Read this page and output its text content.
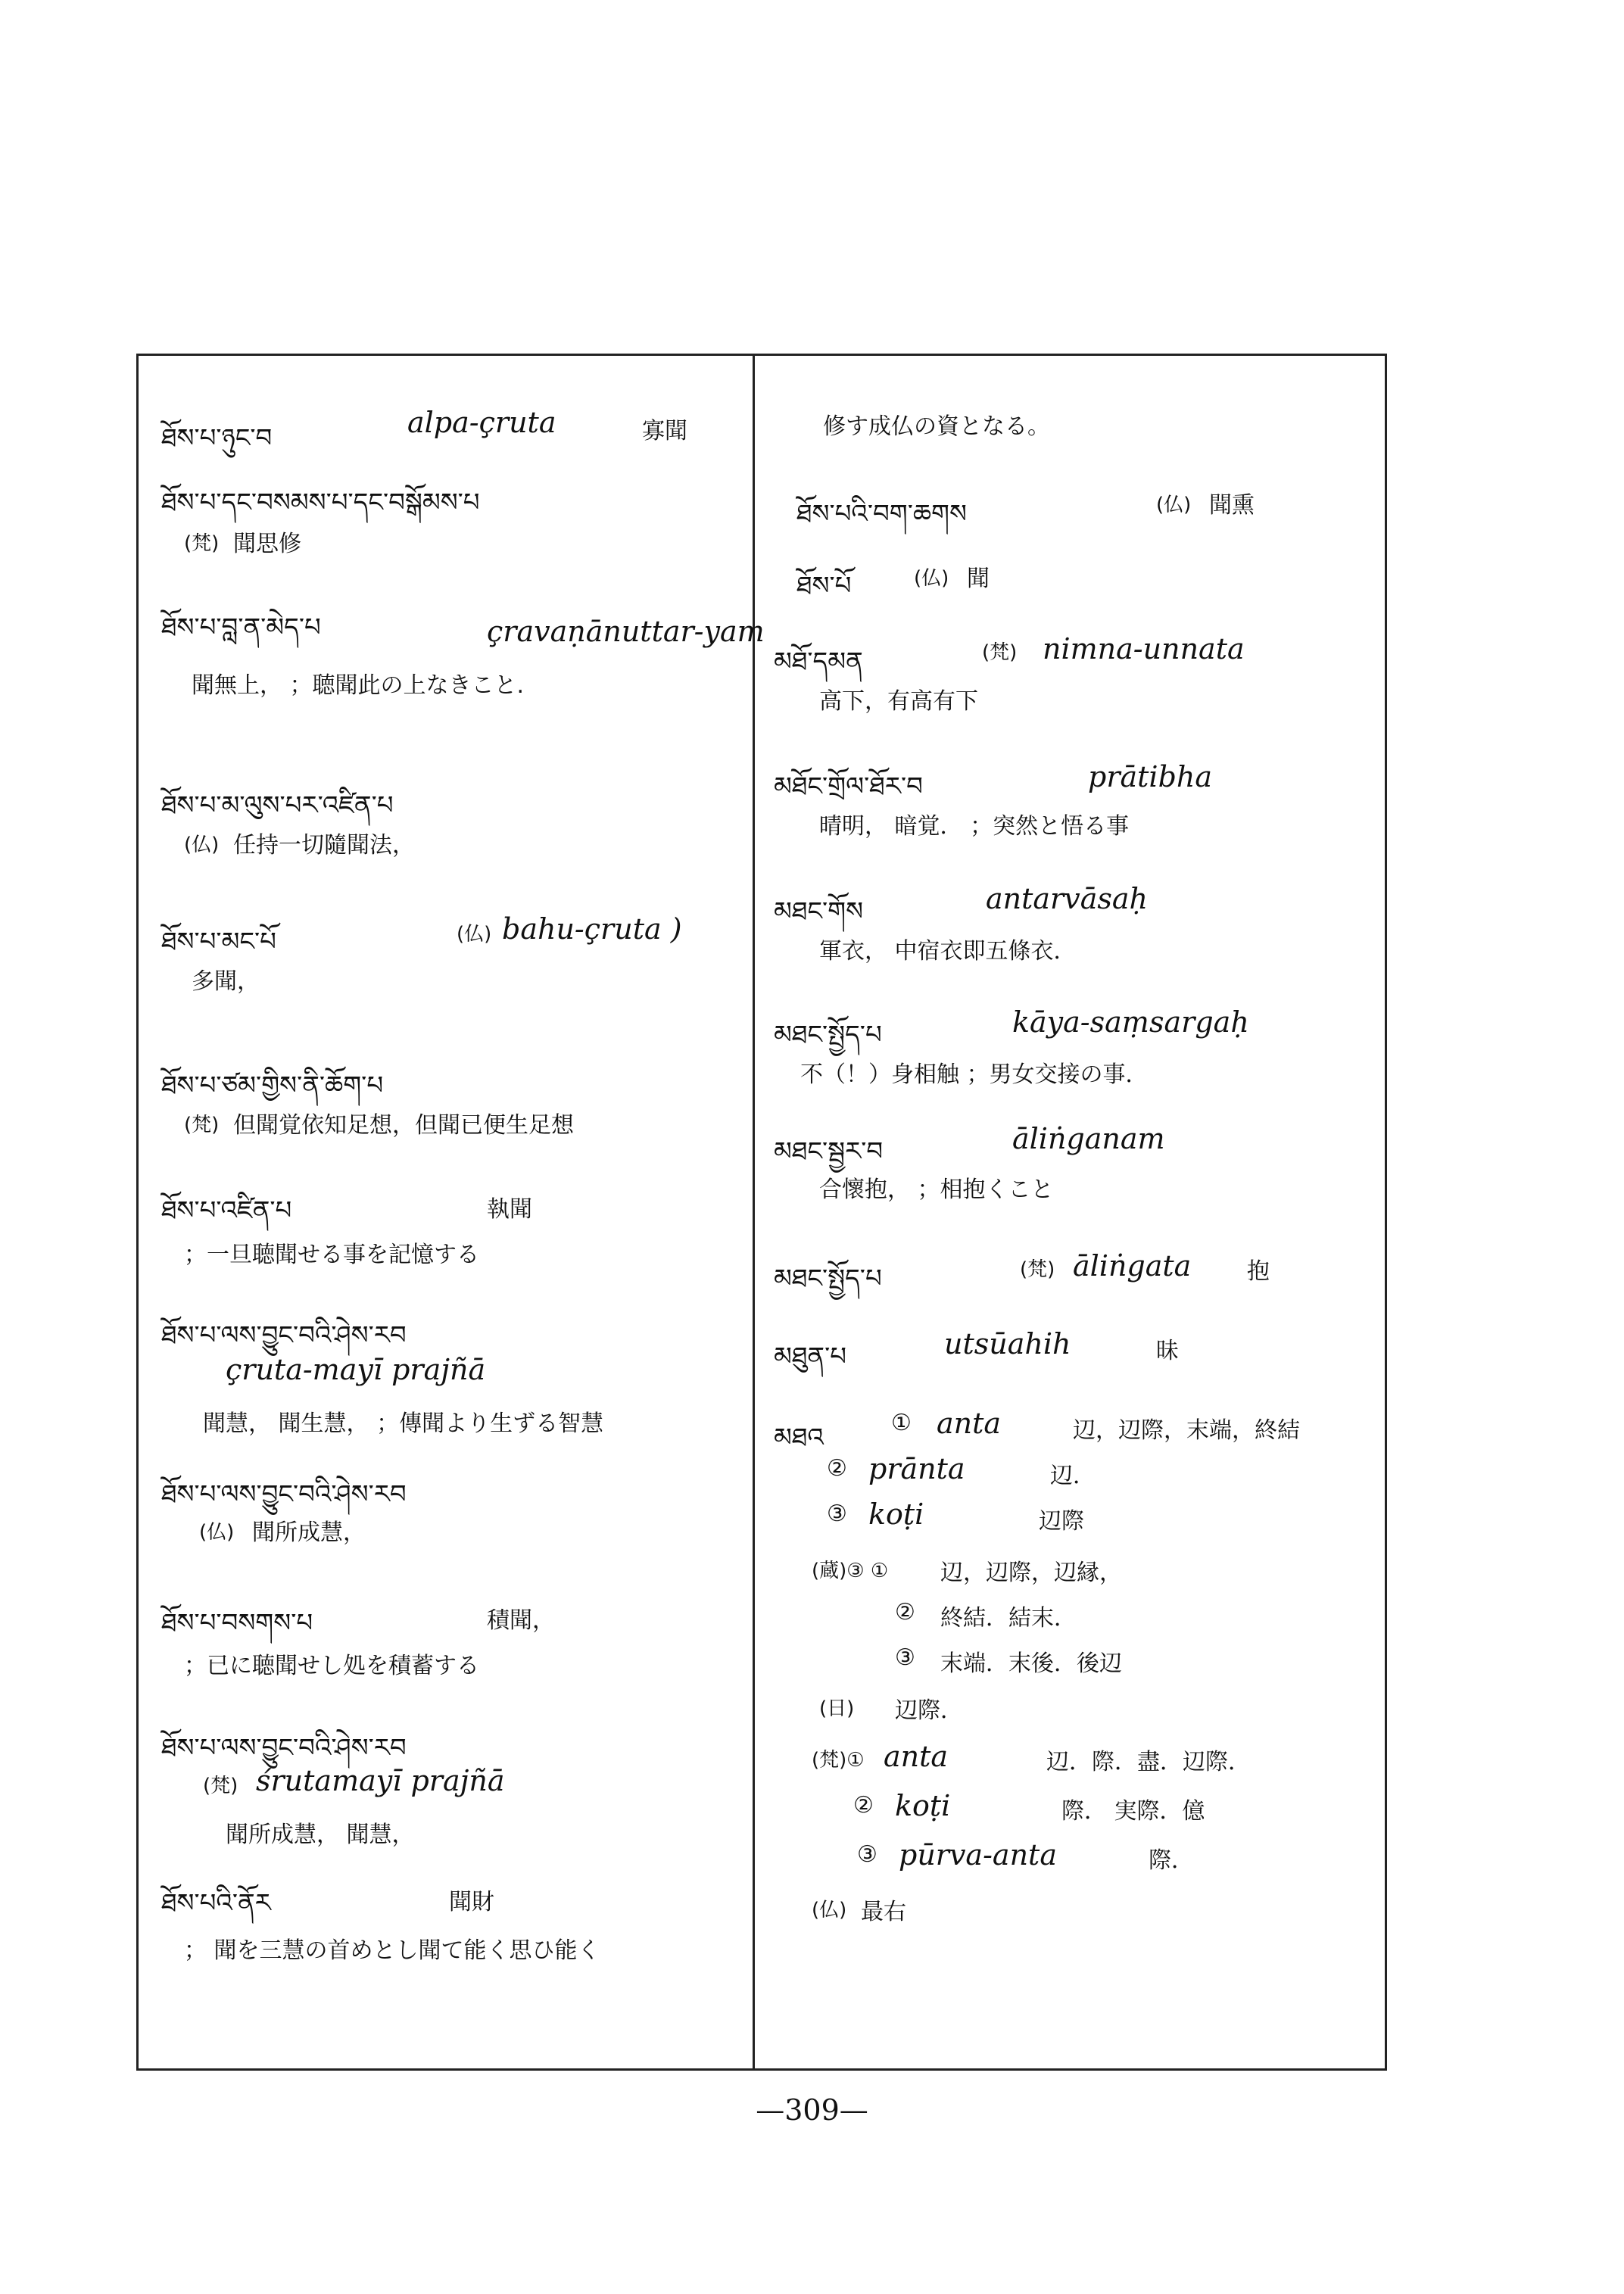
ཐོས་པ་ཉུང་བ	alpa-çruta	寡聞
ཐོས་པ་དང་བསམས་པ་དང་བསྒོམས་པ
(梵) 聞思修
ཐོས་པ་བླ་ན་མེད་པ	çravaṇānuttar-yam
聞無上， ；聴聞此の上なきこと.
ཐོས་པ་མ་ལུས་པར་འཛིན་པ
(仏) 任持一切隨聞法，
ཐོས་པ་མང་པོ	(仏) bahu-çruta )
多聞，
ཐོས་པ་ཙམ་གྱིས་ནི་ཆོག་པ
(梵) 但聞覚依知足想，但聞已便生足想
ཐོས་པ་འཛིན་པ	執聞
；一旦聴聞せる事を記憶する
ཐོས་པ་ལས་བྱུང་བའི་ཤེས་རབ
çruta-mayī prajñā
聞慧， 聞生慧， ；傳聞より生ずる智慧
ཐོས་པ་ལས་བྱུང་བའི་ཤེས་རབ
(仏) 聞所成慧，
ཐོས་པ་བསགས་པ	積聞，
；已に聴聞せし処を積蓄する
ཐོས་པ་ལས་བྱུང་བའི་ཤེས་རབ
(梵) śrutamayī prajñā
聞所成慧， 聞慧，
ཐོས་པའི་ནོར	聞財
； 聞を三慧の首めとし聞て能く思ひ能く
修す成仏の資となる。
ཐོས་པའི་བག་ཆགས	(仏) 聞熏
ཐོས་པོ	(仏) 聞
མཐོ་དམན	(梵) nimna-unnata
高下，有高有下
མཐོང་གྲོལ་ཐོར་བ	prātibha
晴明， 暗覚． ；突然と悟る事
མཐང་གོས	antarvāsaḥ
軍衣， 中宿衣即五條衣．
མཐང་སྤྱོད་པ	kāya-saṃsargaḥ
不（！）身相触 ；男女交接の事．
མཐང་སྦྱར་བ	āliṅganam
合懷抱， ；相抱くこと
མཐང་སྤྱོད་པ	(梵) āliṅgata 抱
མཐུན་པ	utsūahih	昧
མཐའ	① anta	辺，辺際，末端，終結
② prānta	辺．
③ koṭi	辺際
(蔵)③ ① 辺，辺際，辺縁，
② 終結．結末．
③ 末端．末後．後辺
(日) 辺際．
(梵)① anta	辺．際．盡．辺際．
② koṭi	際． 実際．億
③ pūrva-anta	際．
(仏) 最右
—309—
